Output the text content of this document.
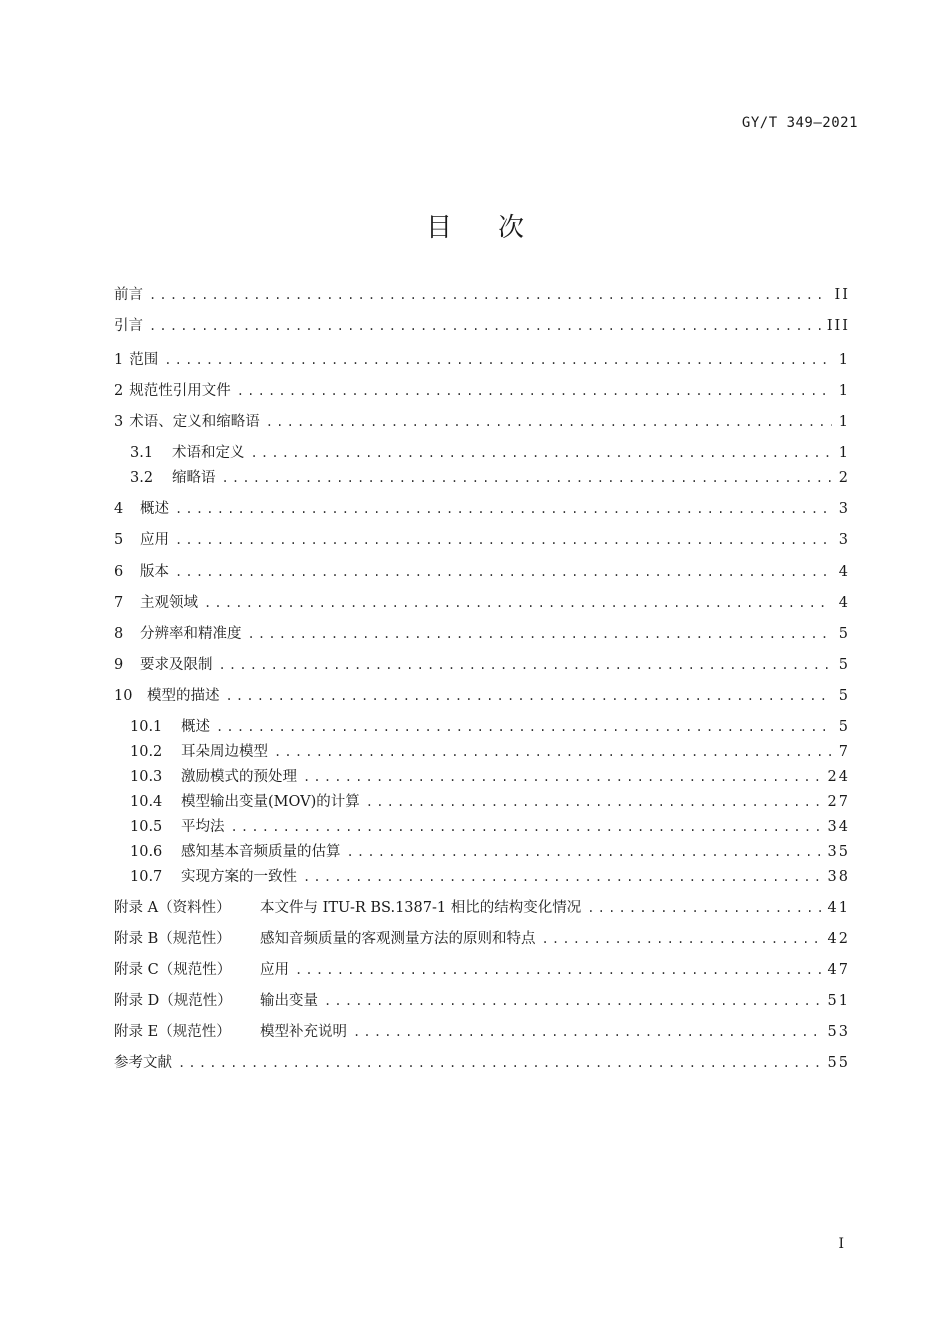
GY/T 349—2021
目 次
前言 .....	II
引言 .....	III
1 范围 .....	1
2 规范性引用文件 .....	1
3 术语、定义和缩略语 .....	1
3.1	术语和定义 .....	1
3.2	缩略语 .....	2
4	概述 .....	3
5	应用 .....	3
6	版本 .....	4
7	主观领域 .....	4
8	分辨率和精准度 .....	5
9	要求及限制 .....	5
10	模型的描述 .....	5
10.1	概述 .....	5
10.2	耳朵周边模型 .....	7
10.3	激励模式的预处理 .....	24
10.4	模型输出变量(MOV)的计算 .....	27
10.5	平均法 .....	34
10.6	感知基本音频质量的估算 .....	35
10.7	实现方案的一致性 .....	38
附录 A（资料性）	本文件与 ITU-R BS.1387-1 相比的结构变化情况 .....	41
附录 B（规范性）	感知音频质量的客观测量方法的原则和特点 .....	42
附录 C（规范性）	应用 .....	47
附录 D（规范性）	输出变量 .....	51
附录 E（规范性）	模型补充说明 .....	53
参考文献 .....	55
I
